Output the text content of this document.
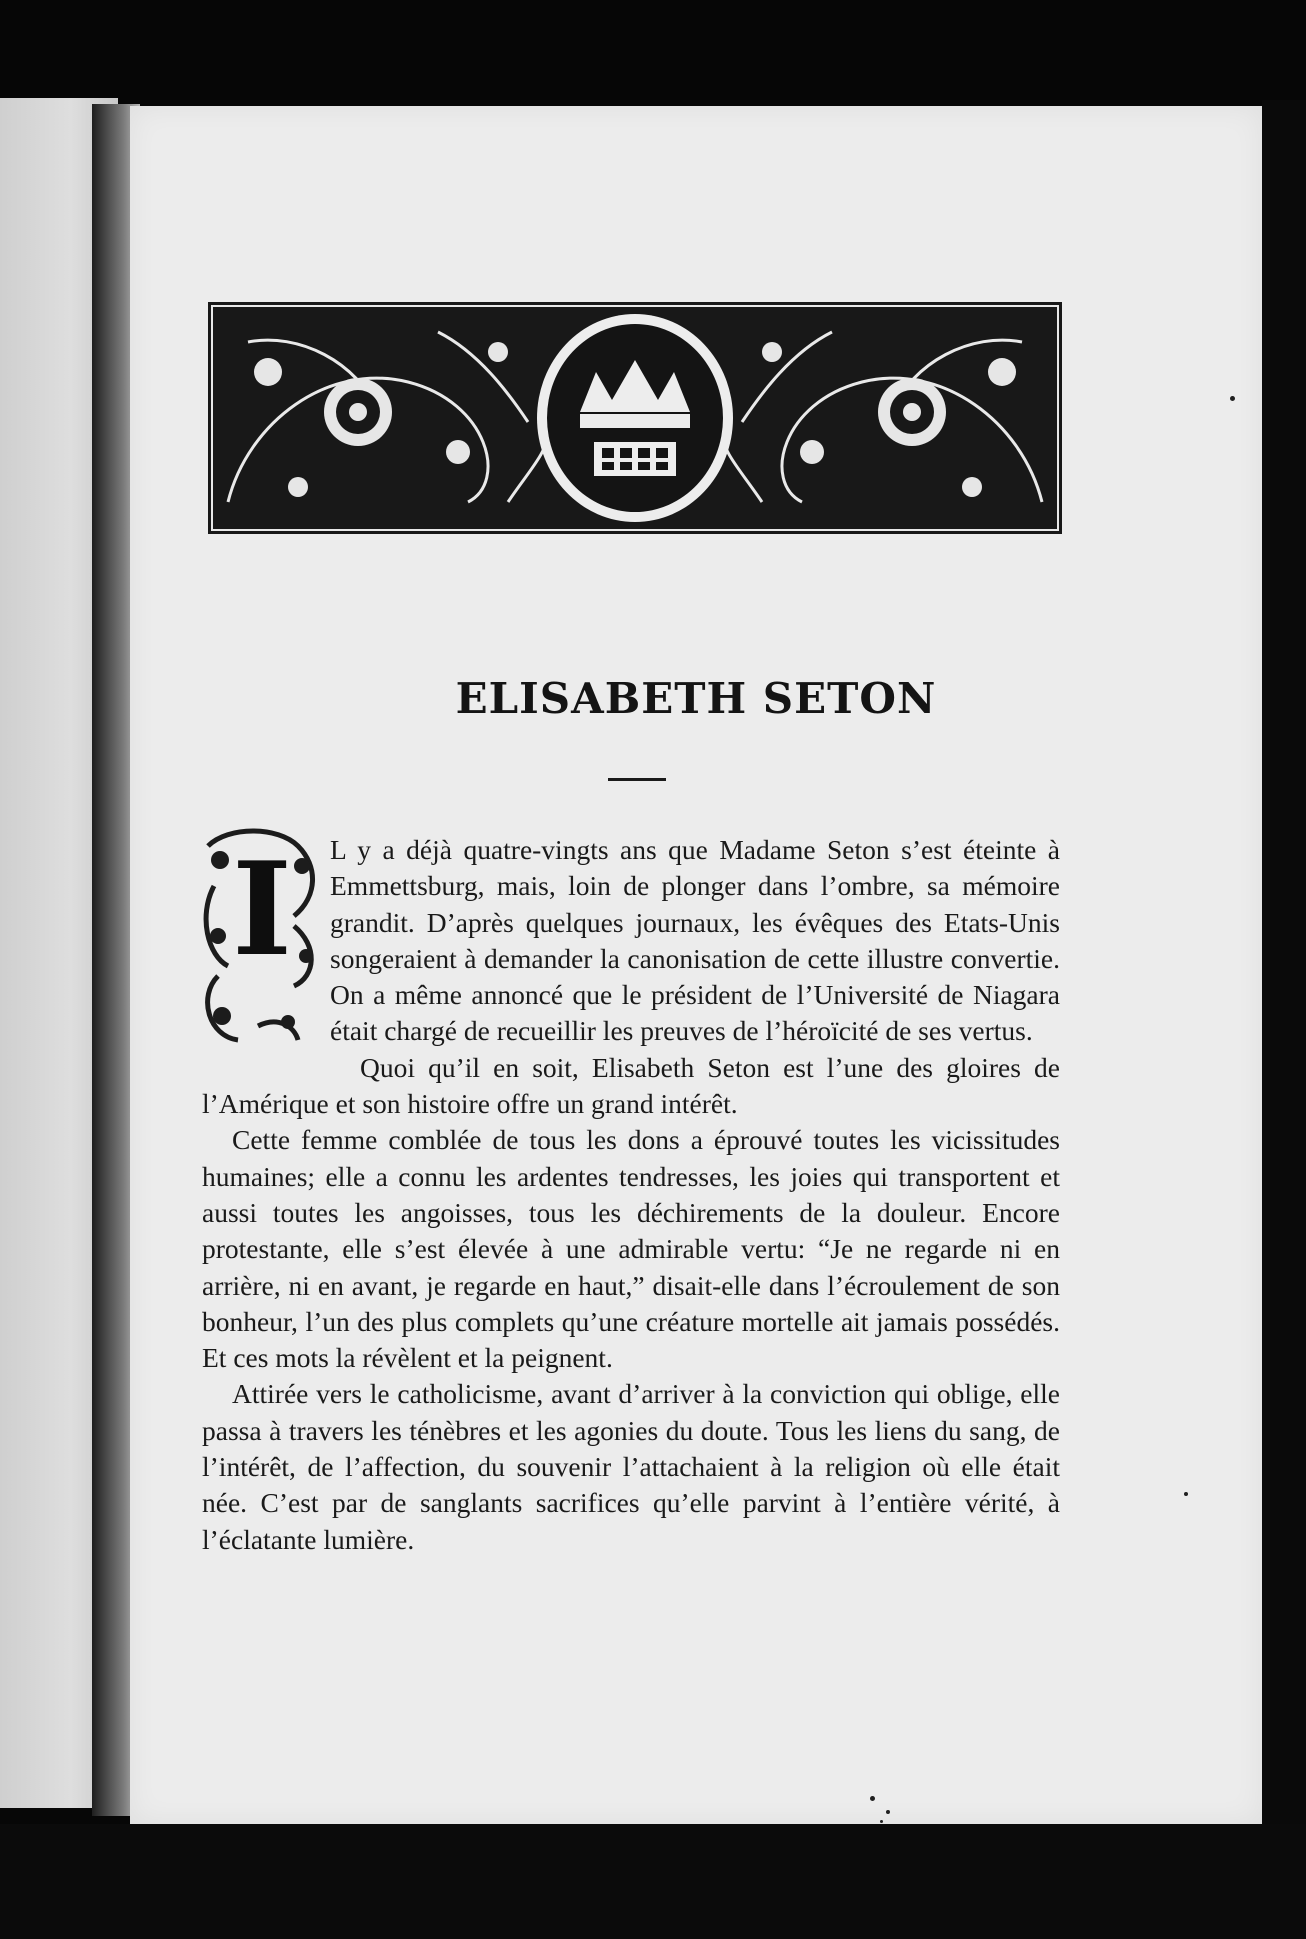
ELISABETH SETON
I	L y a déjà quatre-vingts ans que Madame Seton s’est éteinte à Emmettsburg, mais, loin de plonger dans l’ombre, sa mémoire grandit. D’après quelques journaux, les évêques des Etats-Unis songeraient à demander la canonisation de cette illustre convertie. On a même annoncé que le président de l’Université de Niagara était chargé de recueillir les preuves de l’héroïcité de ses vertus.

Quoi qu’il en soit, Elisabeth Seton est l’une des gloires de l’Amérique et son histoire offre un grand intérêt.

Cette femme comblée de tous les dons a éprouvé toutes les vicissitudes humaines; elle a connu les ardentes tendresses, les joies qui transportent et aussi toutes les angoisses, tous les déchirements de la douleur. Encore protestante, elle s’est élevée à une admirable vertu: “Je ne regarde ni en arrière, ni en avant, je regarde en haut,” disait-elle dans l’écroulement de son bonheur, l’un des plus complets qu’une créature mortelle ait jamais possédés. Et ces mots la révèlent et la peignent.

Attirée vers le catholicisme, avant d’arriver à la conviction qui oblige, elle passa à travers les ténèbres et les agonies du doute. Tous les liens du sang, de l’intérêt, de l’affection, du souvenir l’attachaient à la religion où elle était née. C’est par de sanglants sacrifices qu’elle parvint à l’entière vérité, à l’éclatante lumière.
